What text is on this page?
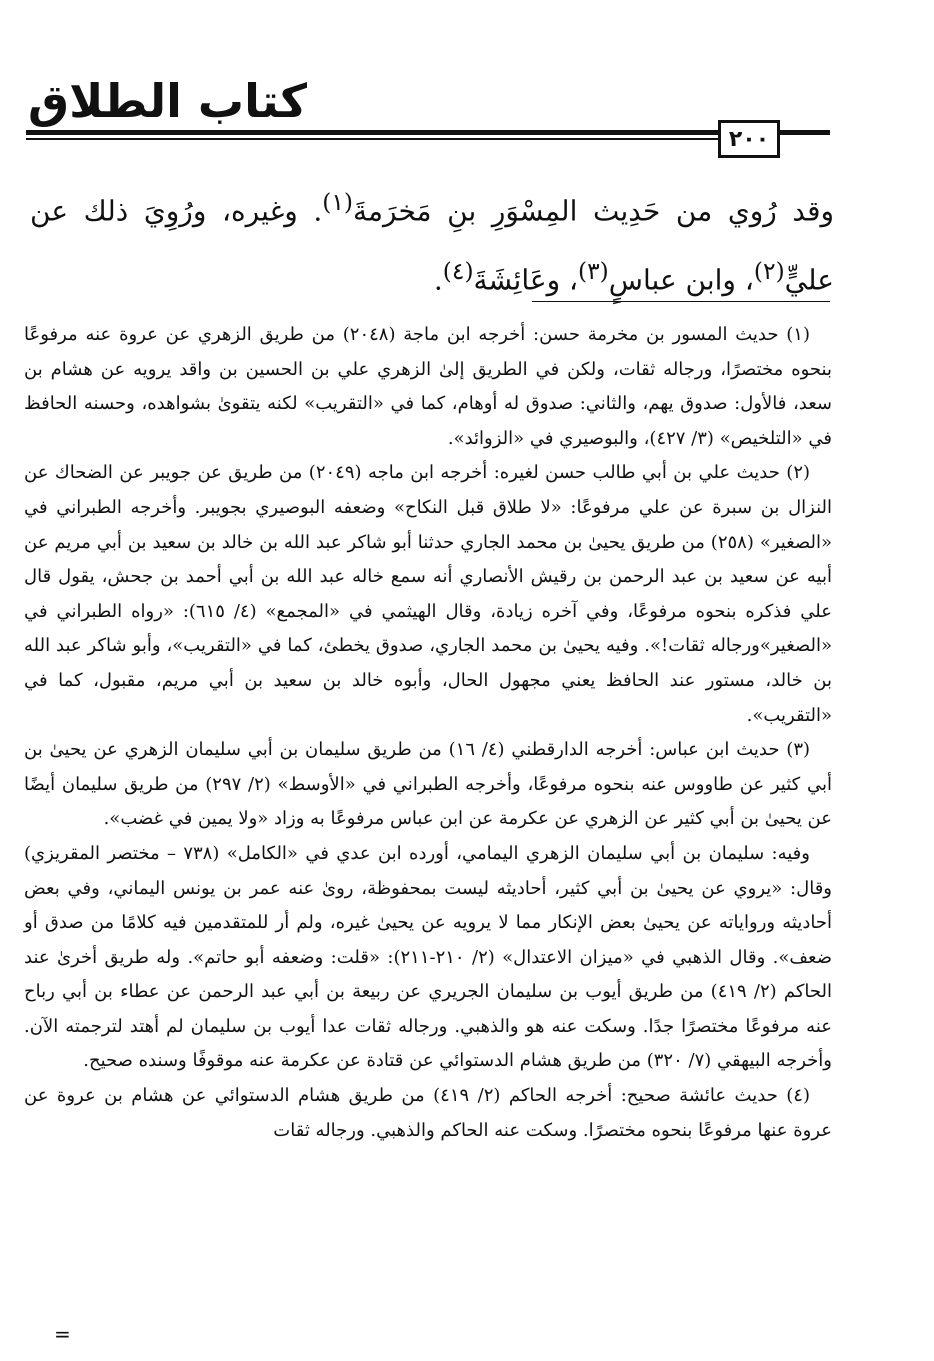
كتاب الطلاق
٢٠٠

وقد رُوي من حَدِيث المِسْوَرِ بنِ مَخرَمةَ$^{(١)}$. وغيره، ورُوِيَ ذلك عن عليٍّ$^{(٢)}$، وابن عباسٍ$^{(٣)}$، وعَائِشَةَ$^{(٤)}$.

(١) حديث المسور بن مخرمة حسن: أخرجه ابن ماجة (٢٠٤٨) من طريق الزهري عن عروة عنه مرفوعًا بنحوه مختصرًا، ورجاله ثقات، ولكن في الطريق إلىٰ الزهري علي بن الحسين بن واقد يرويه عن هشام بن سعد، فالأول: صدوق يهم، والثاني: صدوق له أوهام، كما في «التقريب» لكنه يتقوىٰ بشواهده، وحسنه الحافظ في «التلخيص» (٣/ ٤٢٧)، والبوصيري في «الزوائد».

(٢) حديث علي بن أبي طالب حسن لغيره: أخرجه ابن ماجه (٢٠٤٩) من طريق عن جويبر عن الضحاك عن النزال بن سبرة عن علي مرفوعًا: «لا طلاق قبل النكاح» وضعفه البوصيري بجويبر. وأخرجه الطبراني في «الصغير» (٢٥٨) من طريق يحيىٰ بن محمد الجاري حدثنا أبو شاكر عبد الله بن خالد بن سعيد بن أبي مريم عن أبيه عن سعيد بن عبد الرحمن بن رقيش الأنصاري أنه سمع خاله عبد الله بن أبي أحمد بن جحش، يقول قال علي فذكره بنحوه مرفوعًا، وفي آخره زيادة، وقال الهيثمي في «المجمع» (٤/ ٦١٥): «رواه الطبراني في «الصغير»ورجاله ثقات!». وفيه يحيىٰ بن محمد الجاري، صدوق يخطئ، كما في «التقريب»، وأبو شاكر عبد الله بن خالد، مستور عند الحافظ يعني مجهول الحال، وأبوه خالد بن سعيد بن أبي مريم، مقبول، كما في «التقريب».

(٣) حديث ابن عباس: أخرجه الدارقطني (٤/ ١٦) من طريق سليمان بن أبي سليمان الزهري عن يحيىٰ بن أبي كثير عن طاووس عنه بنحوه مرفوعًا، وأخرجه الطبراني في «الأوسط» (٢/ ٢٩٧) من طريق سليمان أيضًا عن يحيىٰ بن أبي كثير عن الزهري عن عكرمة عن ابن عباس مرفوعًا به وزاد «ولا يمين في غضب».

وفيه: سليمان بن أبي سليمان الزهري اليمامي، أورده ابن عدي في «الكامل» (٧٣٨ – مختصر المقريزي) وقال: «يروي عن يحيىٰ بن أبي كثير، أحاديثه ليست بمحفوظة، روىٰ عنه عمر بن يونس اليماني، وفي بعض أحاديثه ورواياته عن يحيىٰ بعض الإنكار مما لا يرويه عن يحيىٰ غيره، ولم أر للمتقدمين فيه كلامًا من صدق أو ضعف». وقال الذهبي في «ميزان الاعتدال» (٢/ ٢١٠-٢١١): «قلت: وضعفه أبو حاتم». وله طريق أخرىٰ عند الحاكم (٢/ ٤١٩) من طريق أيوب بن سليمان الجريري عن ربيعة بن أبي عبد الرحمن عن عطاء بن أبي رباح عنه مرفوعًا مختصرًا جدًا. وسكت عنه هو والذهبي. ورجاله ثقات عدا أيوب بن سليمان لم أهتد لترجمته الآن. وأخرجه البيهقي (٧/ ٣٢٠) من طريق هشام الدستوائي عن قتادة عن عكرمة عنه موقوفًا وسنده صحيح.

(٤) حديث عائشة صحيح: أخرجه الحاكم (٢/ ٤١٩) من طريق هشام الدستوائي عن هشام بن عروة عن عروة عنها مرفوعًا بنحوه مختصرًا. وسكت عنه الحاكم والذهبي. ورجاله ثقات

=
